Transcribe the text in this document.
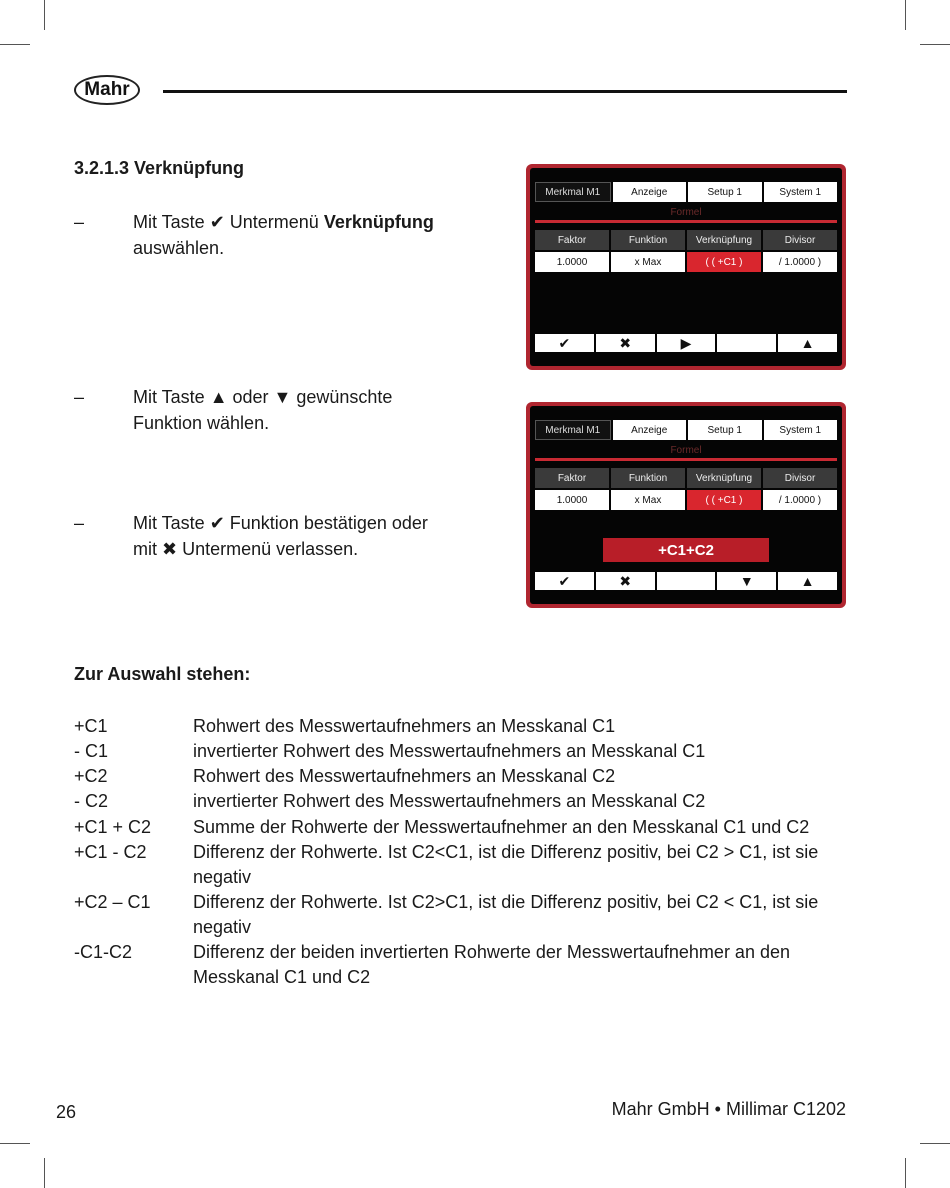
Mahr
3.2.1.3 Verknüpfung
–	Mit Taste ✔ Untermenü Verknüpfung
auswählen.
–	Mit Taste ▲ oder ▼ gewünschte Funktion wählen.
–	Mit Taste ✔ Funktion bestätigen oder mit ✖ Untermenü verlassen.
Merkmal M1	Anzeige	Setup 1	System 1
Formel
Faktor	Funktion	Verknüpfung	Divisor
1.0000	x Max	( ( +C1 )	/ 1.0000 )
✔	✖	▶	▲
Merkmal M1	Anzeige	Setup 1	System 1
Formel
Faktor	Funktion	Verknüpfung	Divisor
1.0000	x Max	( ( +C1 )	/ 1.0000 )
+C1+C2
✔	✖	▼	▲
Zur Auswahl stehen:
+C1	Rohwert des Messwertaufnehmers an Messkanal C1
- C1	invertierter Rohwert des Messwertaufnehmers an Messkanal C1
+C2	Rohwert des Messwertaufnehmers an Messkanal C2
- C2	invertierter Rohwert des Messwertaufnehmers an Messkanal C2
+C1 + C2 Summe der Rohwerte der Messwertaufnehmer an den Messkanal C1 und C2
+C1 - C2	Differenz der Rohwerte. Ist C2<C1, ist die Differenz positiv, bei C2 > C1, ist sie negativ
+C2 – C1 Differenz der Rohwerte. Ist C2>C1, ist die Differenz positiv, bei C2 < C1, ist sie negativ
-C1-C2	Differenz der beiden invertierten Rohwerte der Messwertaufnehmer an den Messkanal C1 und C2
26	Mahr GmbH • Millimar C1202
